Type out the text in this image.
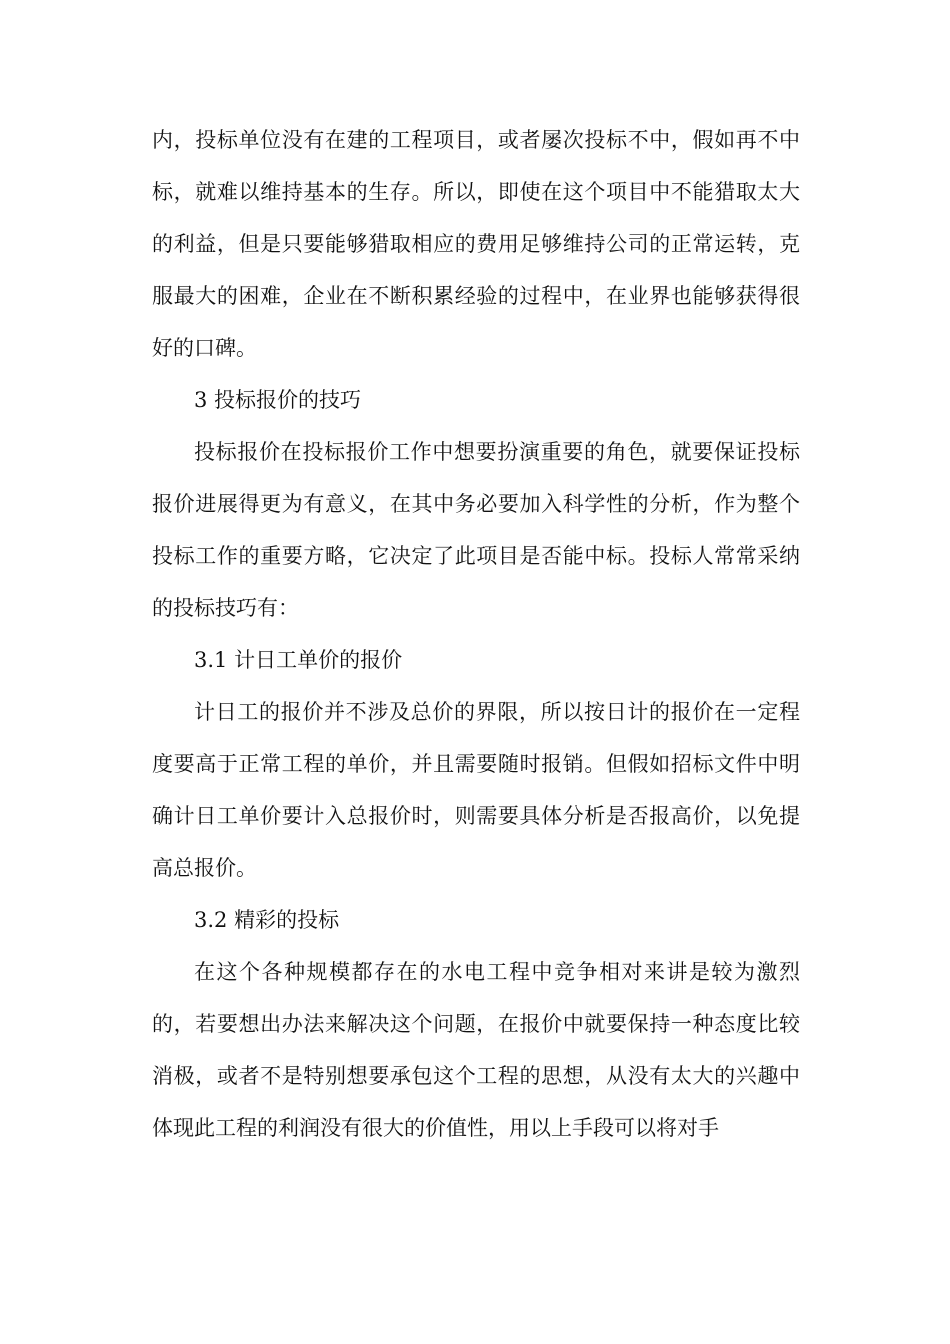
内，投标单位没有在建的工程项目，或者屡次投标不中，假如再不中标，就难以维持基本的生存。所以，即使在这个项目中不能猎取太大的利益，但是只要能够猎取相应的费用足够维持公司的正常运转，克服最大的困难，企业在不断积累经验的过程中，在业界也能够获得很好的口碑。

3 投标报价的技巧

投标报价在投标报价工作中想要扮演重要的角色，就要保证投标报价进展得更为有意义，在其中务必要加入科学性的分析，作为整个投标工作的重要方略，它决定了此项目是否能中标。投标人常常采纳的投标技巧有：

3.1 计日工单价的报价

计日工的报价并不涉及总价的界限，所以按日计的报价在一定程度要高于正常工程的单价，并且需要随时报销。但假如招标文件中明确计日工单价要计入总报价时，则需要具体分析是否报高价，以免提高总报价。

3.2 精彩的投标

在这个各种规模都存在的水电工程中竞争相对来讲是较为激烈的，若要想出办法来解决这个问题，在报价中就要保持一种态度比较消极，或者不是特别想要承包这个工程的思想，从没有太大的兴趣中体现此工程的利润没有很大的价值性，用以上手段可以将对手
